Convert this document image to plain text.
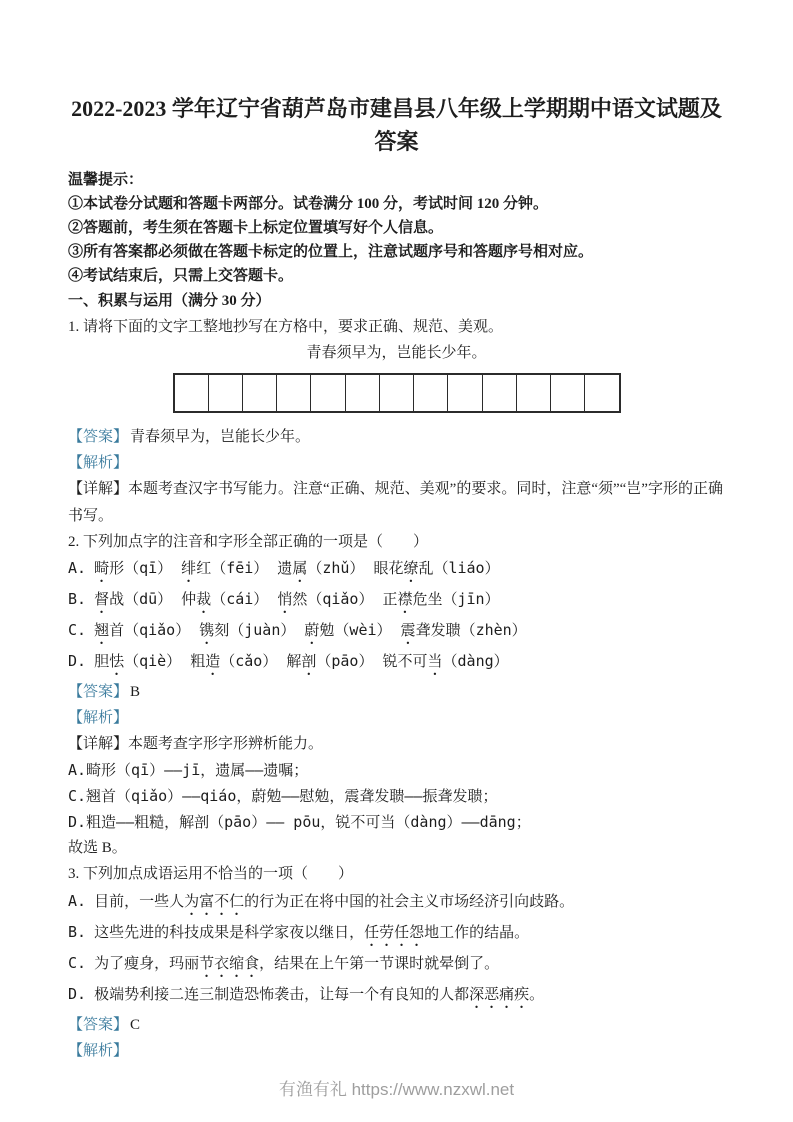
2022-2023 学年辽宁省葫芦岛市建昌县八年级上学期期中语文试题及答案

温馨提示：

①本试卷分试题和答题卡两部分。试卷满分 100 分，考试时间 120 分钟。

②答题前，考生须在答题卡上标定位置填写好个人信息。

③所有答案都必须做在答题卡标定的位置上，注意试题序号和答题序号相对应。

④考试结束后，只需上交答题卡。

一、积累与运用（满分 30 分）

1. 请将下面的文字工整地抄写在方格中，要求正确、规范、美观。

青春须早为，岂能长少年。

【答案】 青春须早为，岂能长少年。

【解析】

【详解】本题考查汉字书写能力。注意“正确、规范、美观”的要求。同时，注意“须”“岂”字形的正确书写。

2. 下列加点字的注音和字形全部正确的一项是（　　）

A. 畸形（qī） 绯红（fēi） 遗属（zhǔ） 眼花缭乱（liáo）

B. 督战（dū） 仲裁（cái） 悄然（qiǎo） 正襟危坐（jīn）

C. 翘首（qiǎo） 镌刻（juàn） 蔚勉（wèi） 震聋发聩（zhèn）

D. 胆怯（qiè） 粗造（cǎo） 解剖（pāo） 锐不可当（dàng）

【答案】 B

【解析】

【详解】本题考查字形字形辨析能力。

A.畸形（qī）——jī，遗属——遗嘱；

C.翘首（qiǎo）——qiáo，蔚勉——慰勉，震聋发聩——振聋发聩；

D.粗造——粗糙，解剖（pāo）—— pōu，锐不可当（dàng）——dāng；

故选 B。

3. 下列加点成语运用不恰当的一项（　　）

A. 目前，一些人为富不仁的行为正在将中国的社会主义市场经济引向歧路。

B. 这些先进的科技成果是科学家夜以继日，任劳任怨地工作的结晶。

C. 为了瘦身，玛丽节衣缩食，结果在上午第一节课时就晕倒了。

D. 极端势利接二连三制造恐怖袭击，让每一个有良知的人都深恶痛疾。

【答案】 C

【解析】

有渔有礼 https://www.nzxwl.net
